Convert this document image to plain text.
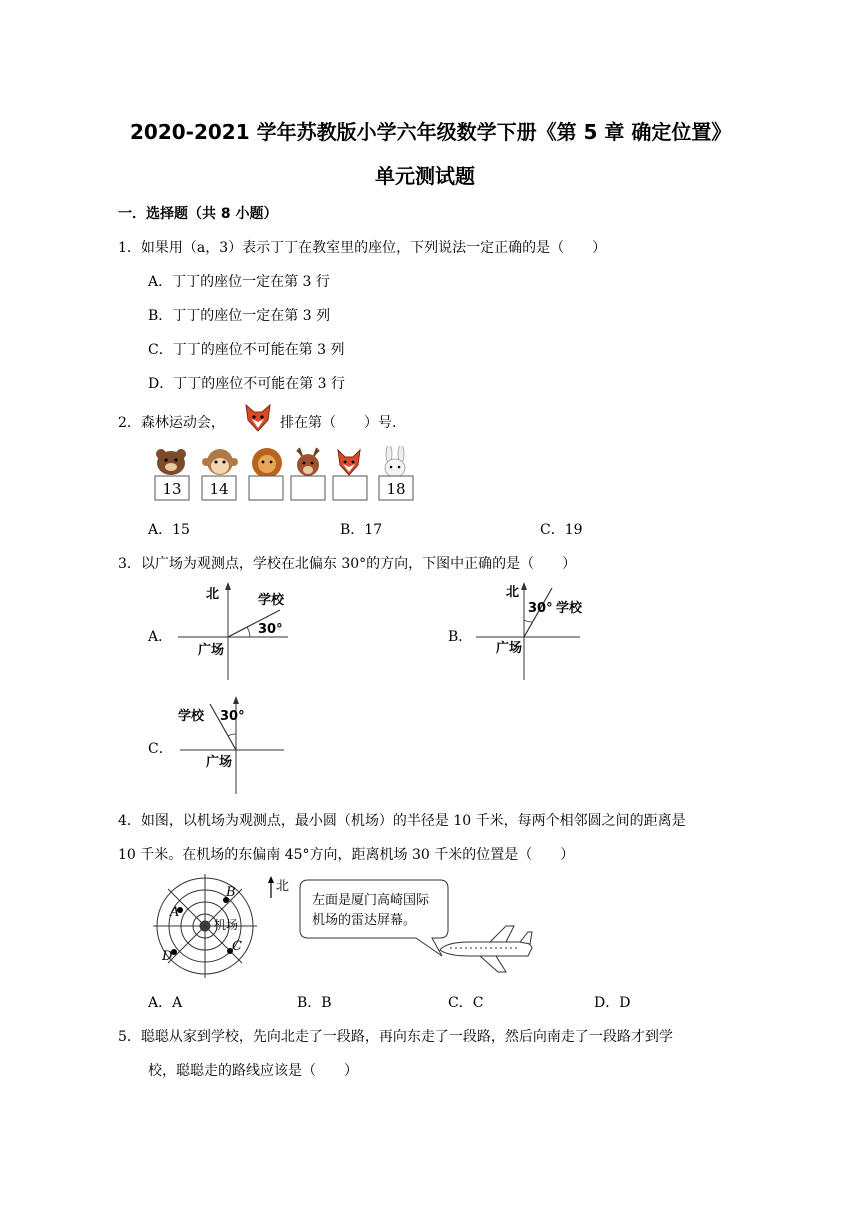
2020-2021 学年苏教版小学六年级数学下册《第 5 章 确定位置》
单元测试题
一．选择题（共 8 小题）
1．如果用（a，3）表示丁丁在教室里的座位，下列说法一定正确的是（　　）
A．丁丁的座位一定在第 3 行
B．丁丁的座位一定在第 3 列
C．丁丁的座位不可能在第 3 列
D．丁丁的座位不可能在第 3 行
2．森林运动会，	排在第（　　）号.
13 14	18
A．15	B．17	C．19
3．以广场为观测点，学校在北偏东 30°的方向，下图中正确的是（　　）
A．
北	学校
30°
广场
B．
北
30° 学校
广场
C．
学校 30°
广场
4．如图，以机场为观测点，最小圆（机场）的半径是 10 千米，每两个相邻圆之间的距离是
10 千米。在机场的东偏南 45°方向，距离机场 30 千米的位置是（　　）
A
B
C
D
机场
北
左面是厦门高崎国际
机场的雷达屏幕。
A．A	B．B	C．C	D．D
5．聪聪从家到学校，先向北走了一段路，再向东走了一段路，然后向南走了一段路才到学
校，聪聪走的路线应该是（　　）
